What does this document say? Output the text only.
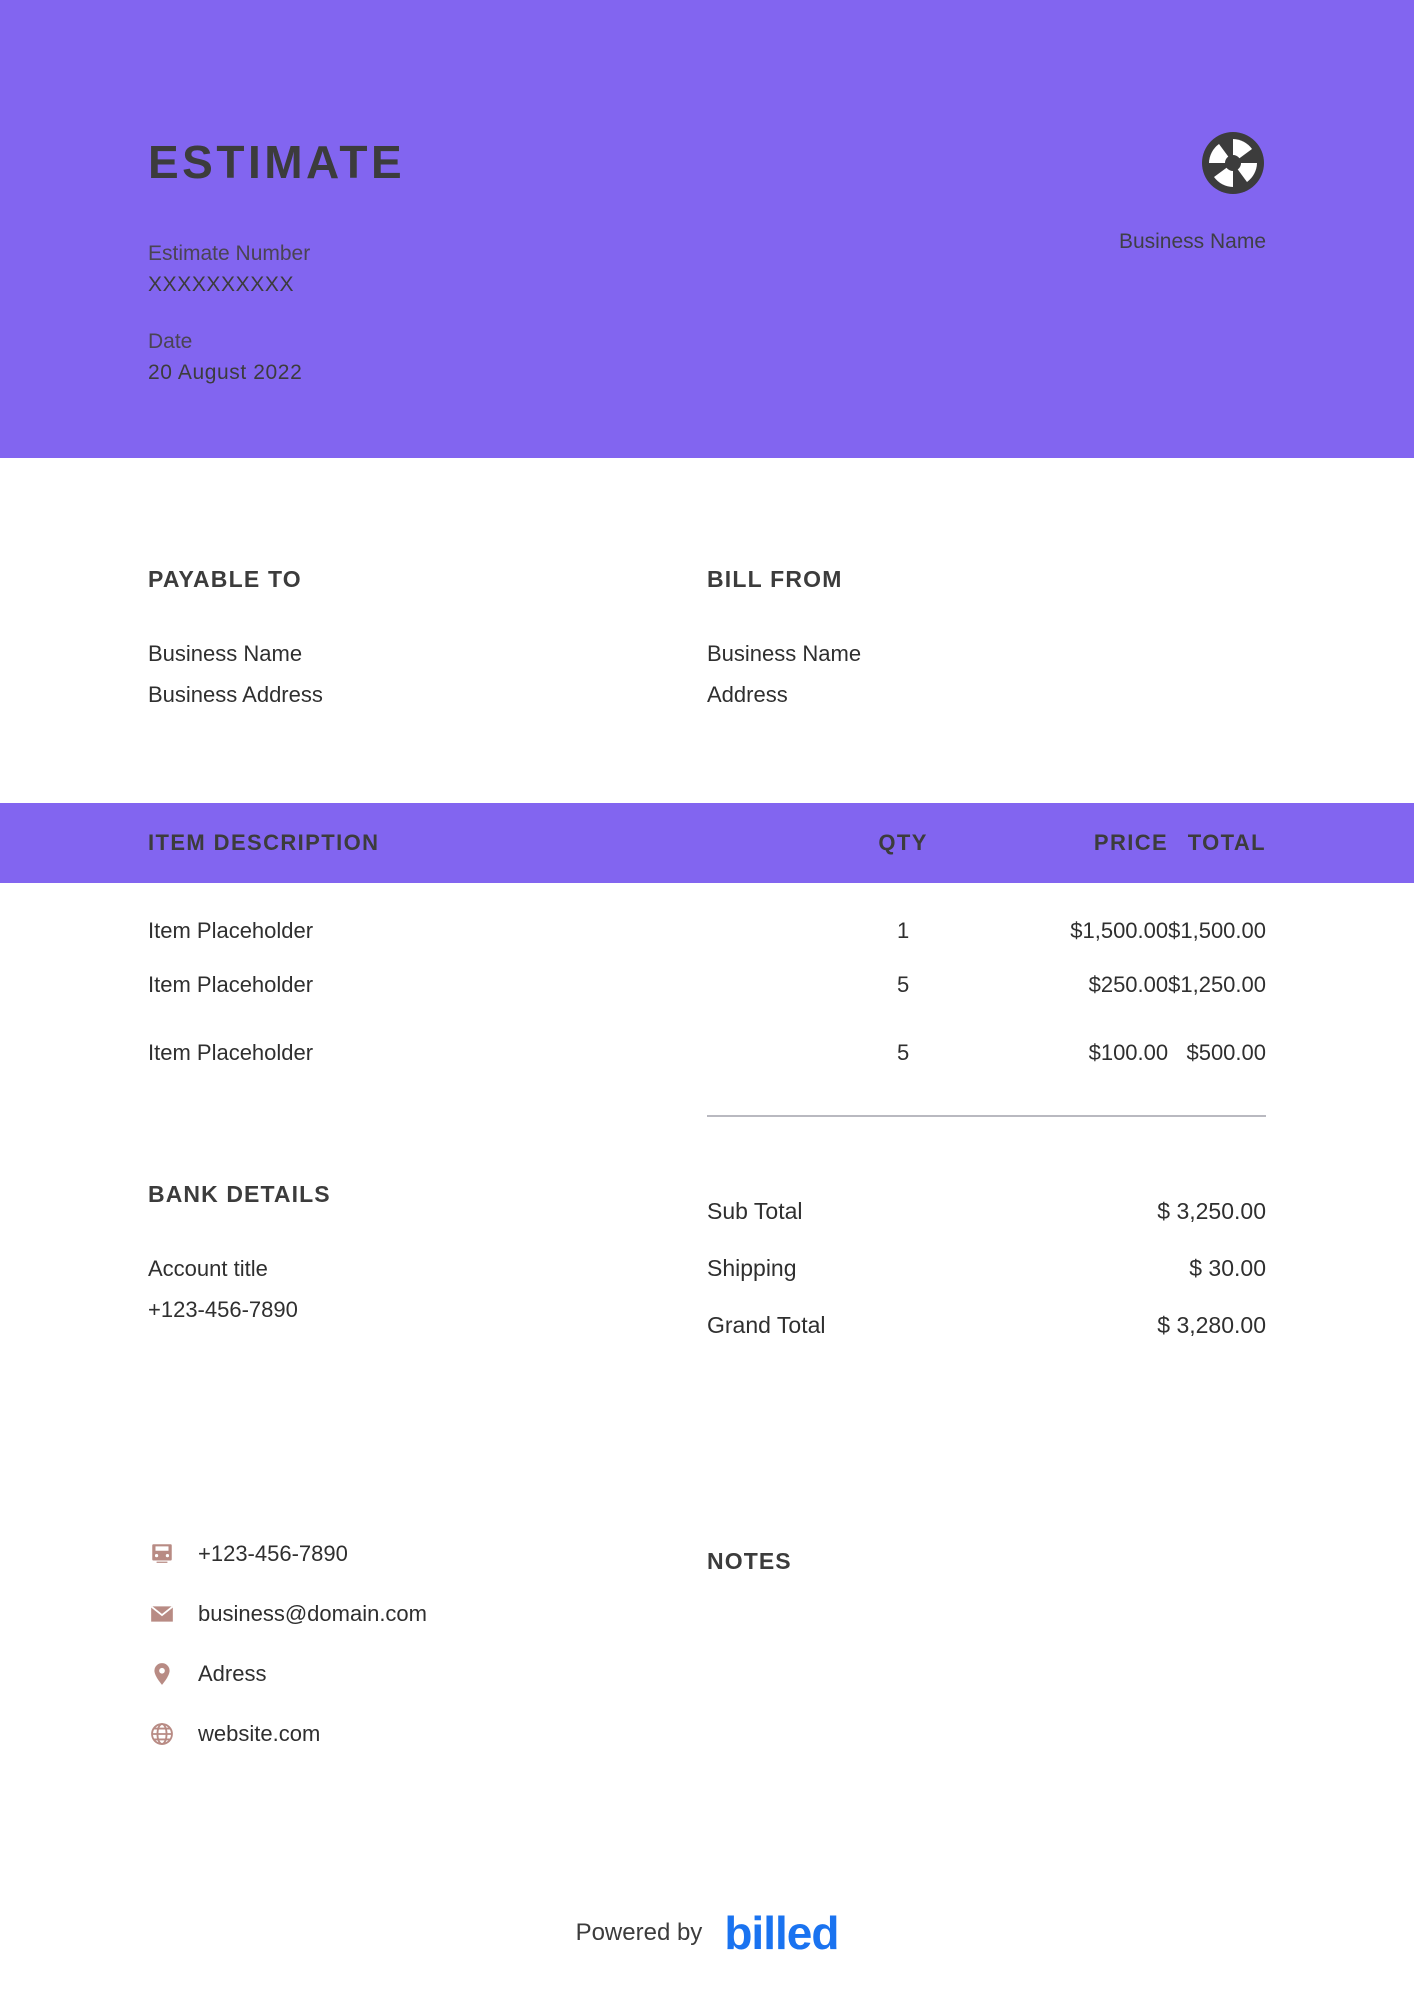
ESTIMATE
Estimate Number
XXXXXXXXXX
Date
20 August 2022
Business Name
PAYABLE TO
Business Name
Business Address
BILL FROM
Business Name
Address
ITEM DESCRIPTION	QTY	PRICE	TOTAL
Item Placeholder	1	$1,500.00	$1,500.00
Item Placeholder	5	$250.00	$1,250.00
Item Placeholder	5	$100.00	$500.00
BANK DETAILS
Account title
+123-456-7890
Sub Total	$ 3,250.00
Shipping	$ 30.00
Grand Total	$ 3,280.00
+123-456-7890
business@domain.com
Adress
website.com
NOTES
Powered by billed
